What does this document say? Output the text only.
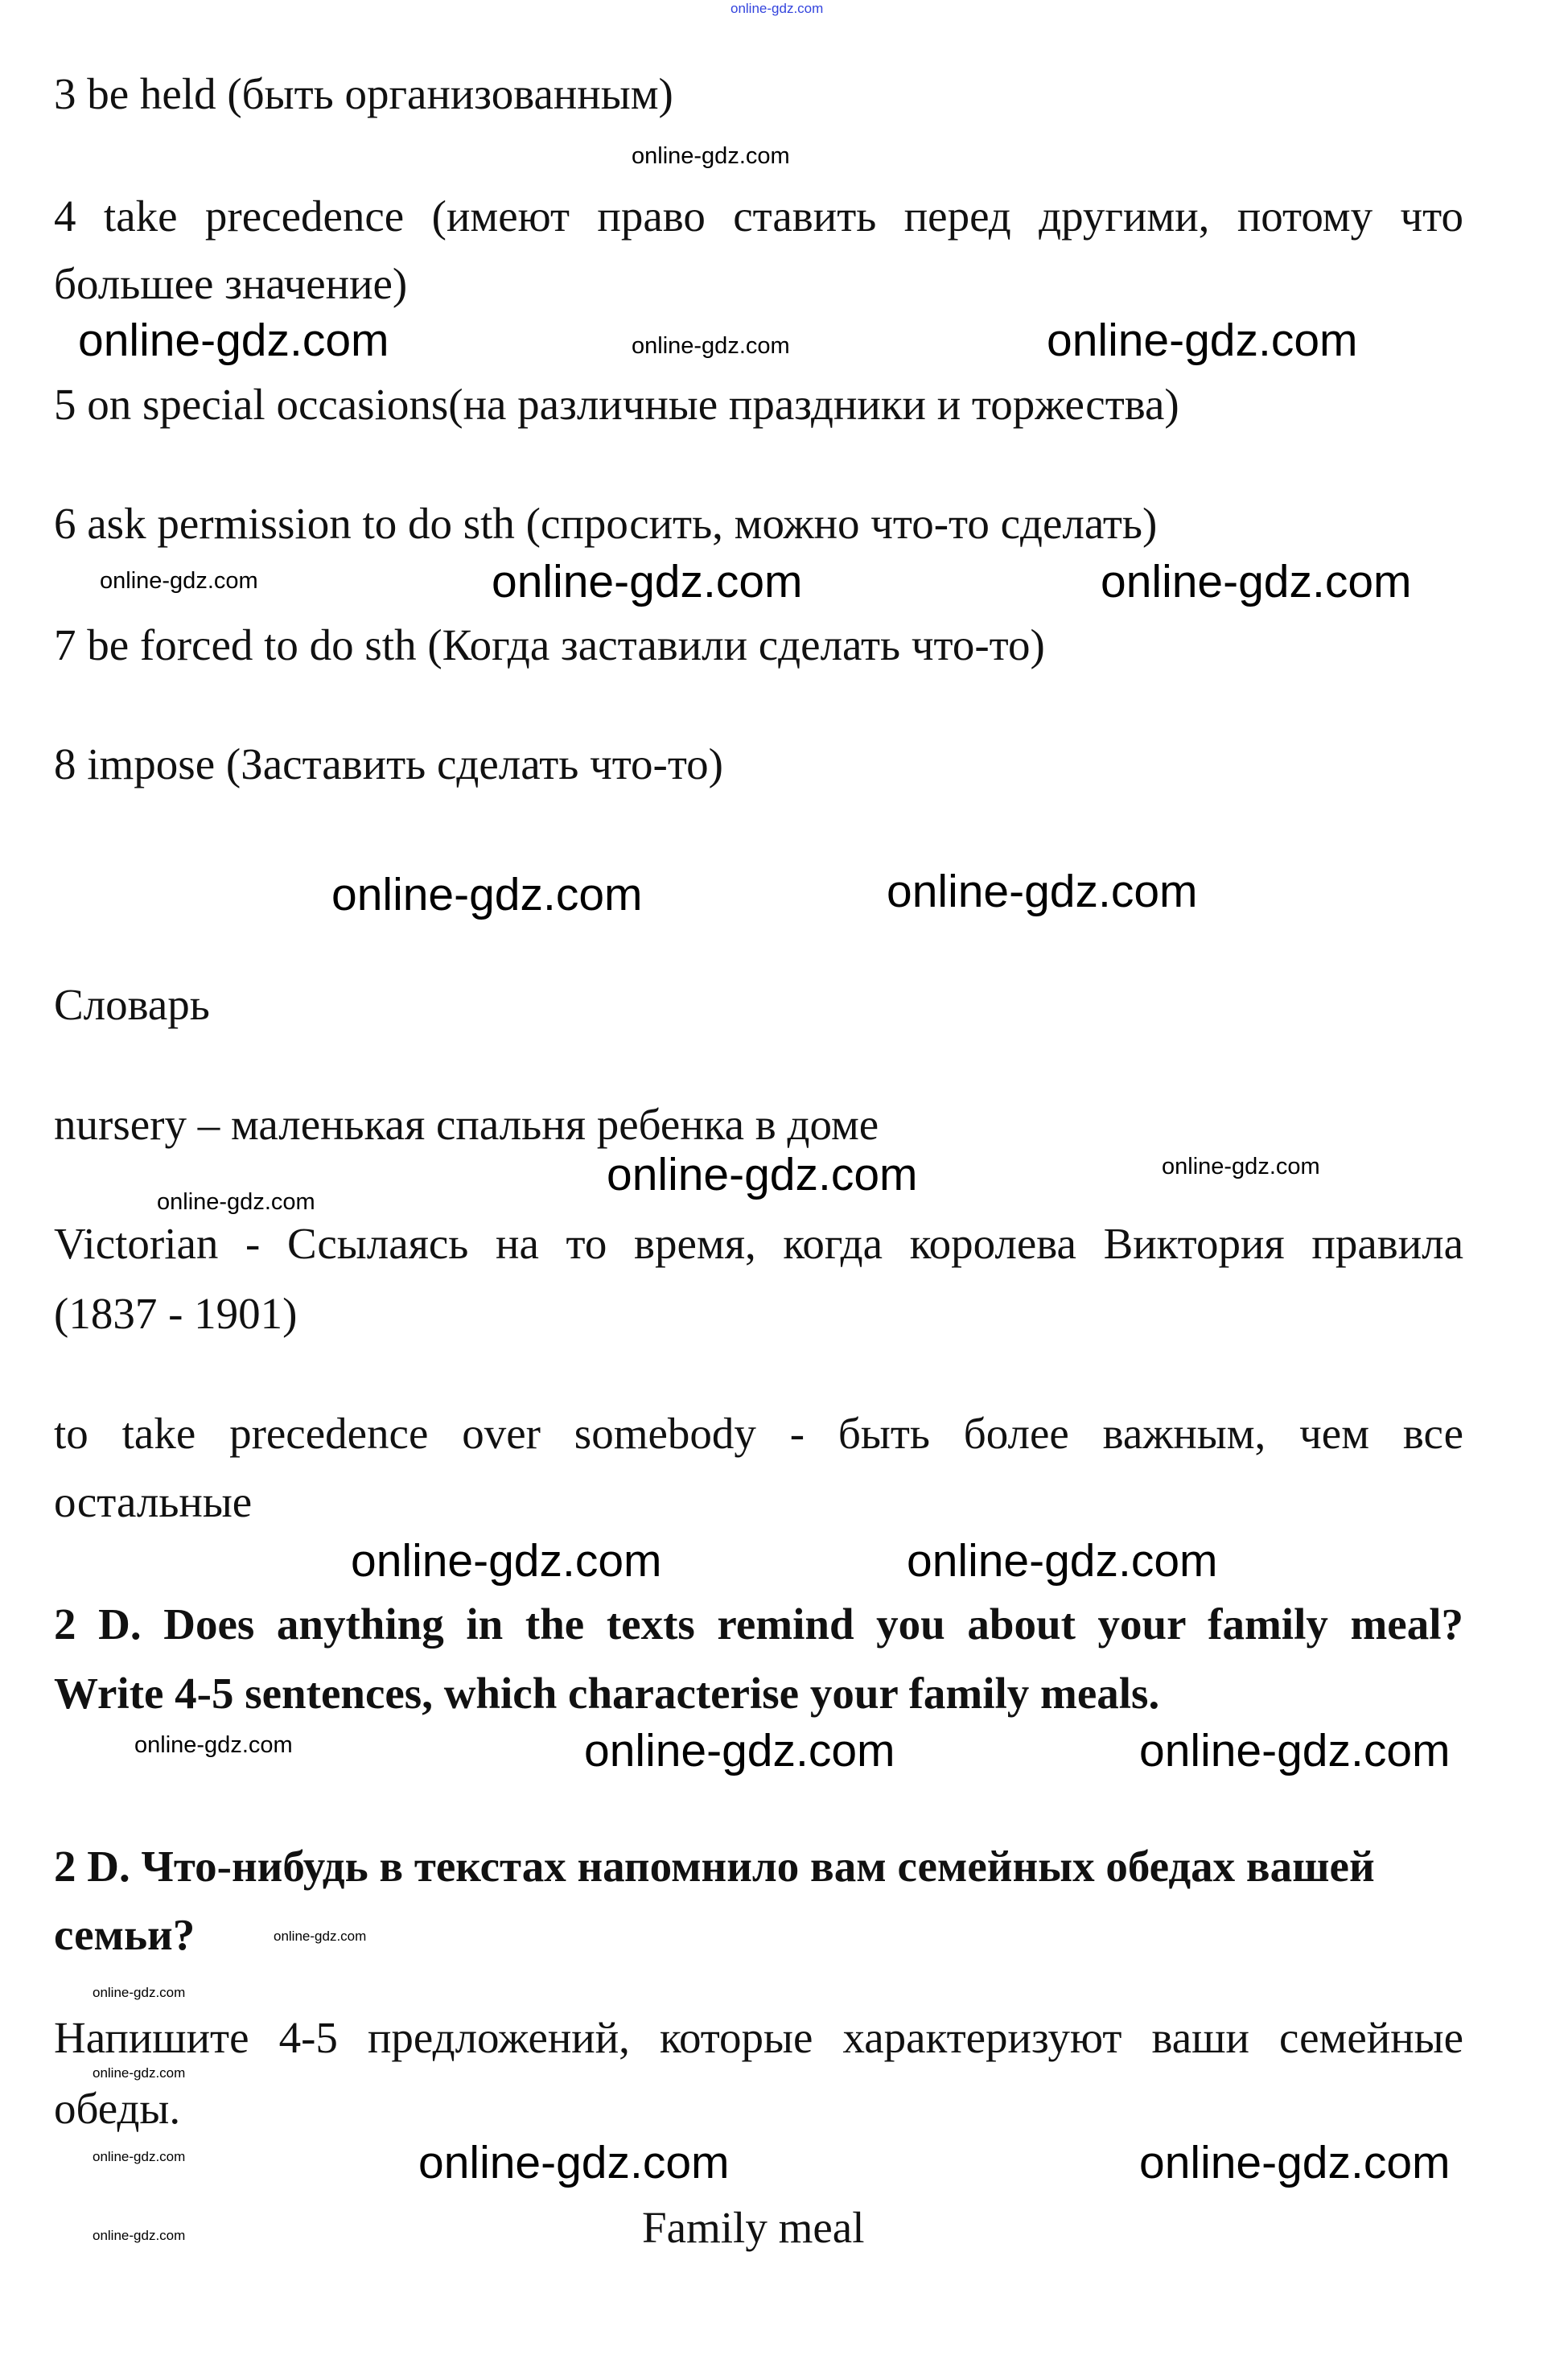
online-gdz.com
3 be held (быть организованным)
online-gdz.com
4 take precedence (имеют право ставить перед другими, потому что
большее значение)
online-gdz.com	online-gdz.com	online-gdz.com
5 on special occasions(на различные праздники и торжества)
6 ask permission to do sth (спросить, можно что-то сделать)
online-gdz.com	online-gdz.com	online-gdz.com
7 be forced to do sth (Когда заставили сделать что-то)
8 impose (Заставить сделать что-то)
online-gdz.com	online-gdz.com
Словарь
nursery – маленькая спальня ребенка в доме
online-gdz.com	online-gdz.com
online-gdz.com
Victorian - Ссылаясь на то время, когда королева Виктория правила
(1837 - 1901)
to take precedence over somebody - быть более важным, чем все
остальные
online-gdz.com	online-gdz.com
2 D. Does anything in the texts remind you about your family meal?
Write 4-5 sentences, which characterise your family meals.
online-gdz.com	online-gdz.com	online-gdz.com
2 D. Что-нибудь в текстах напомнило вам семейных обедах вашей
online-gdz.com
семьи?
online-gdz.com
Напишите 4-5 предложений, которые характеризуют ваши семейные
online-gdz.com
обеды.
online-gdz.com	online-gdz.com
online-gdz.com
online-gdz.com	Family meal
